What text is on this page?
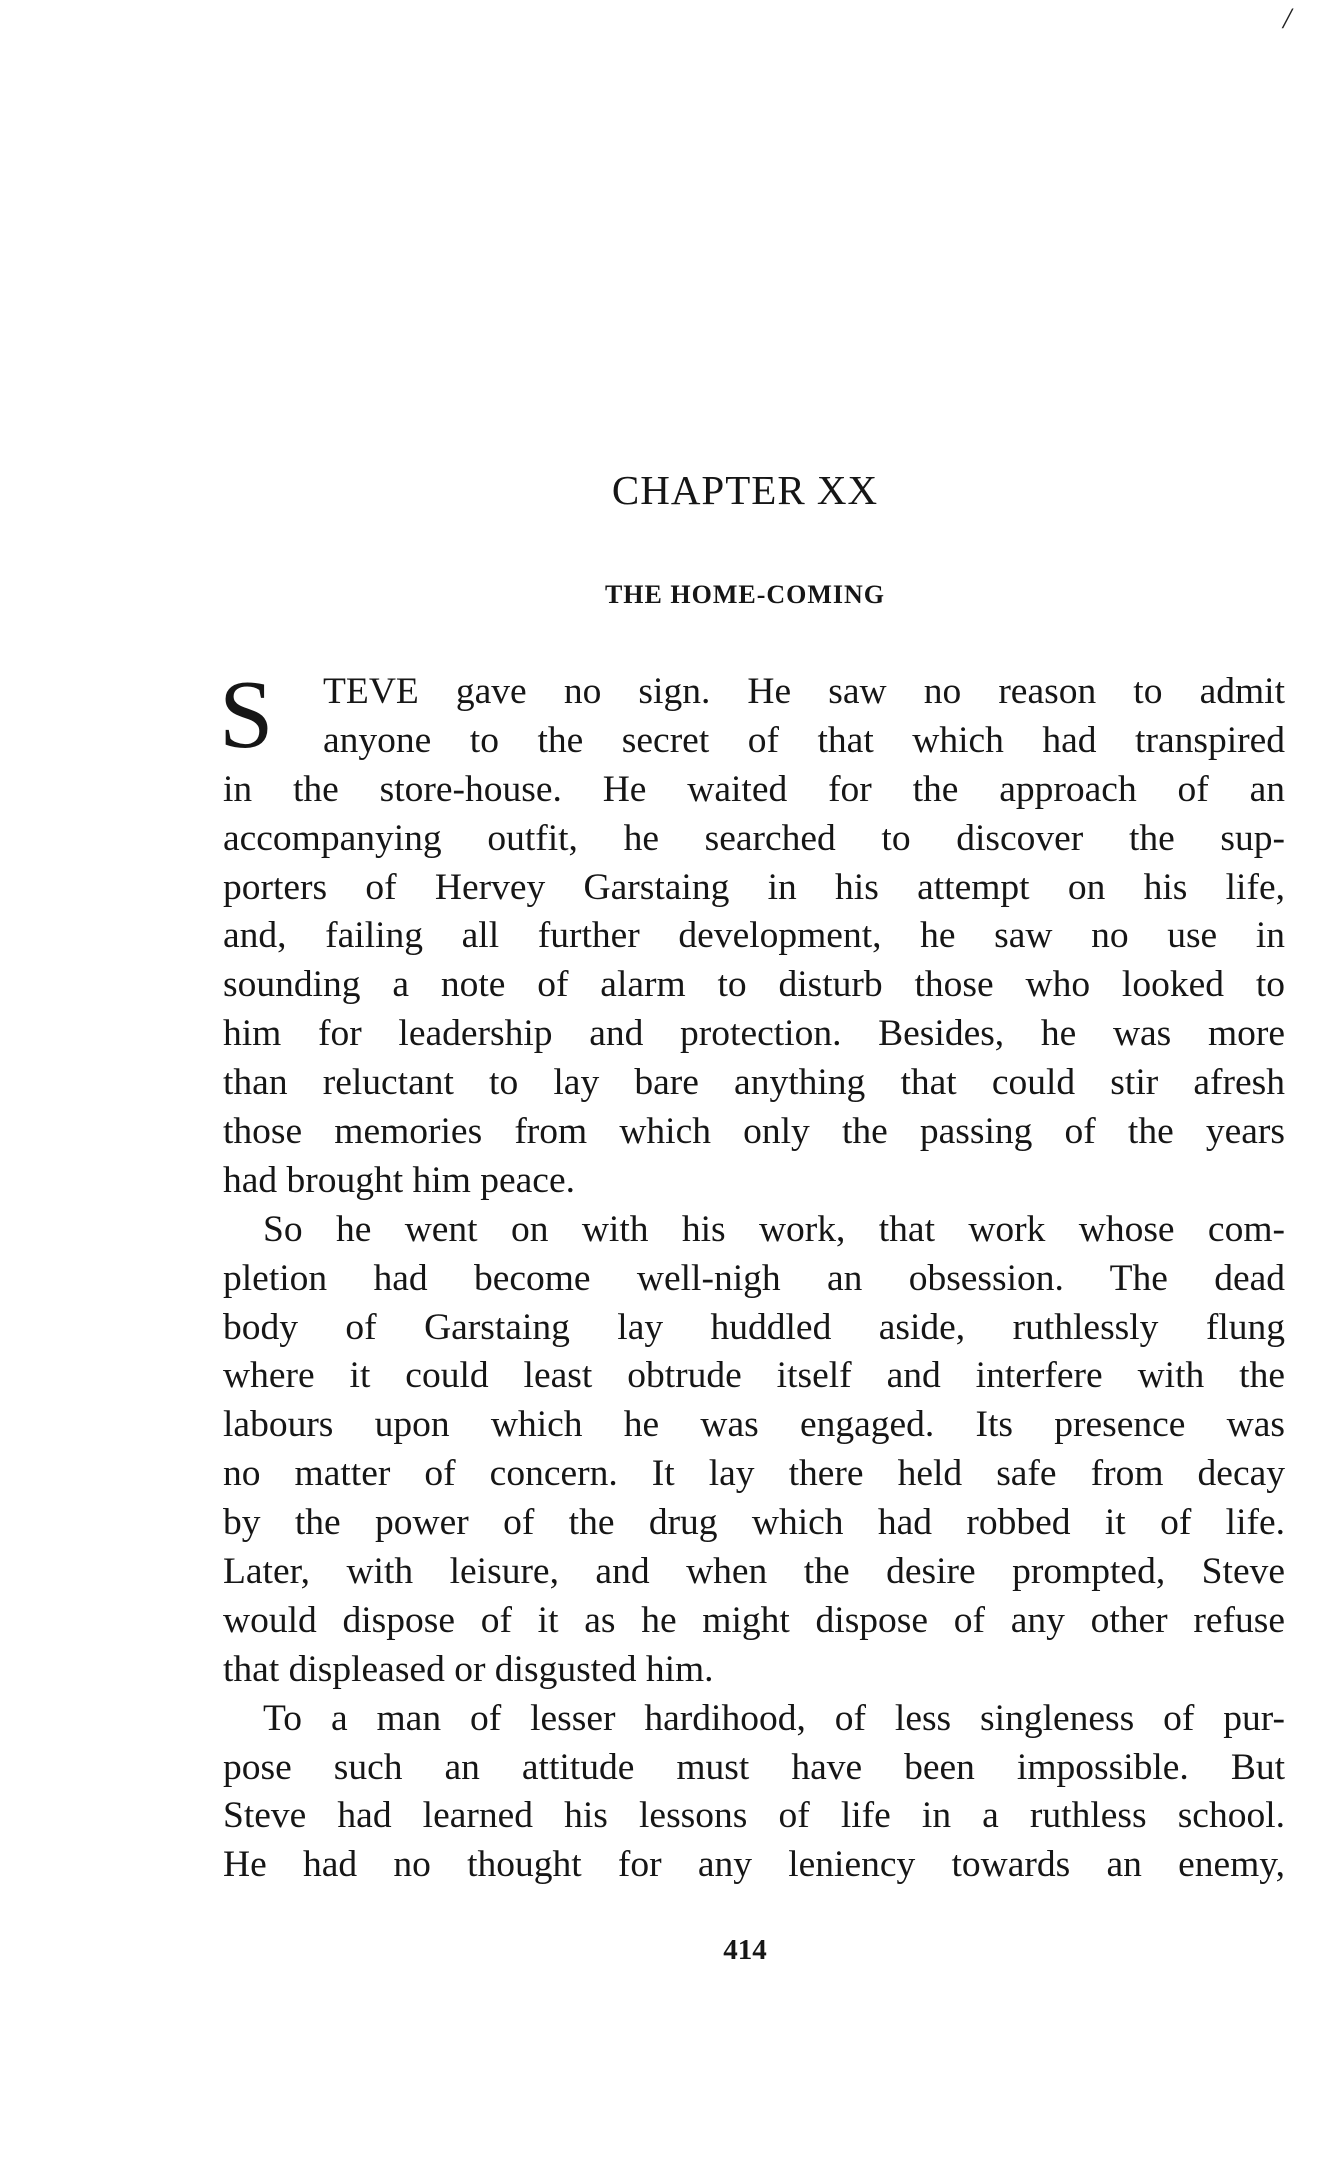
/
CHAPTER XX
THE HOME-COMING
S	TEVE gave no sign. He saw no reason to admit
anyone to the secret of that which had transpired
in the store-house. He waited for the approach of an
accompanying outfit, he searched to discover the sup-
porters of Hervey Garstaing in his attempt on his life,
and, failing all further development, he saw no use in
sounding a note of alarm to disturb those who looked to
him for leadership and protection. Besides, he was more
than reluctant to lay bare anything that could stir afresh
those memories from which only the passing of the years
had brought him peace.
So he went on with his work, that work whose com-
pletion had become well-nigh an obsession. The dead
body of Garstaing lay huddled aside, ruthlessly flung
where it could least obtrude itself and interfere with the
labours upon which he was engaged. Its presence was
no matter of concern. It lay there held safe from decay
by the power of the drug which had robbed it of life.
Later, with leisure, and when the desire prompted, Steve
would dispose of it as he might dispose of any other refuse
that displeased or disgusted him.
To a man of lesser hardihood, of less singleness of pur-
pose such an attitude must have been impossible. But
Steve had learned his lessons of life in a ruthless school.
He had no thought for any leniency towards an enemy,
414
